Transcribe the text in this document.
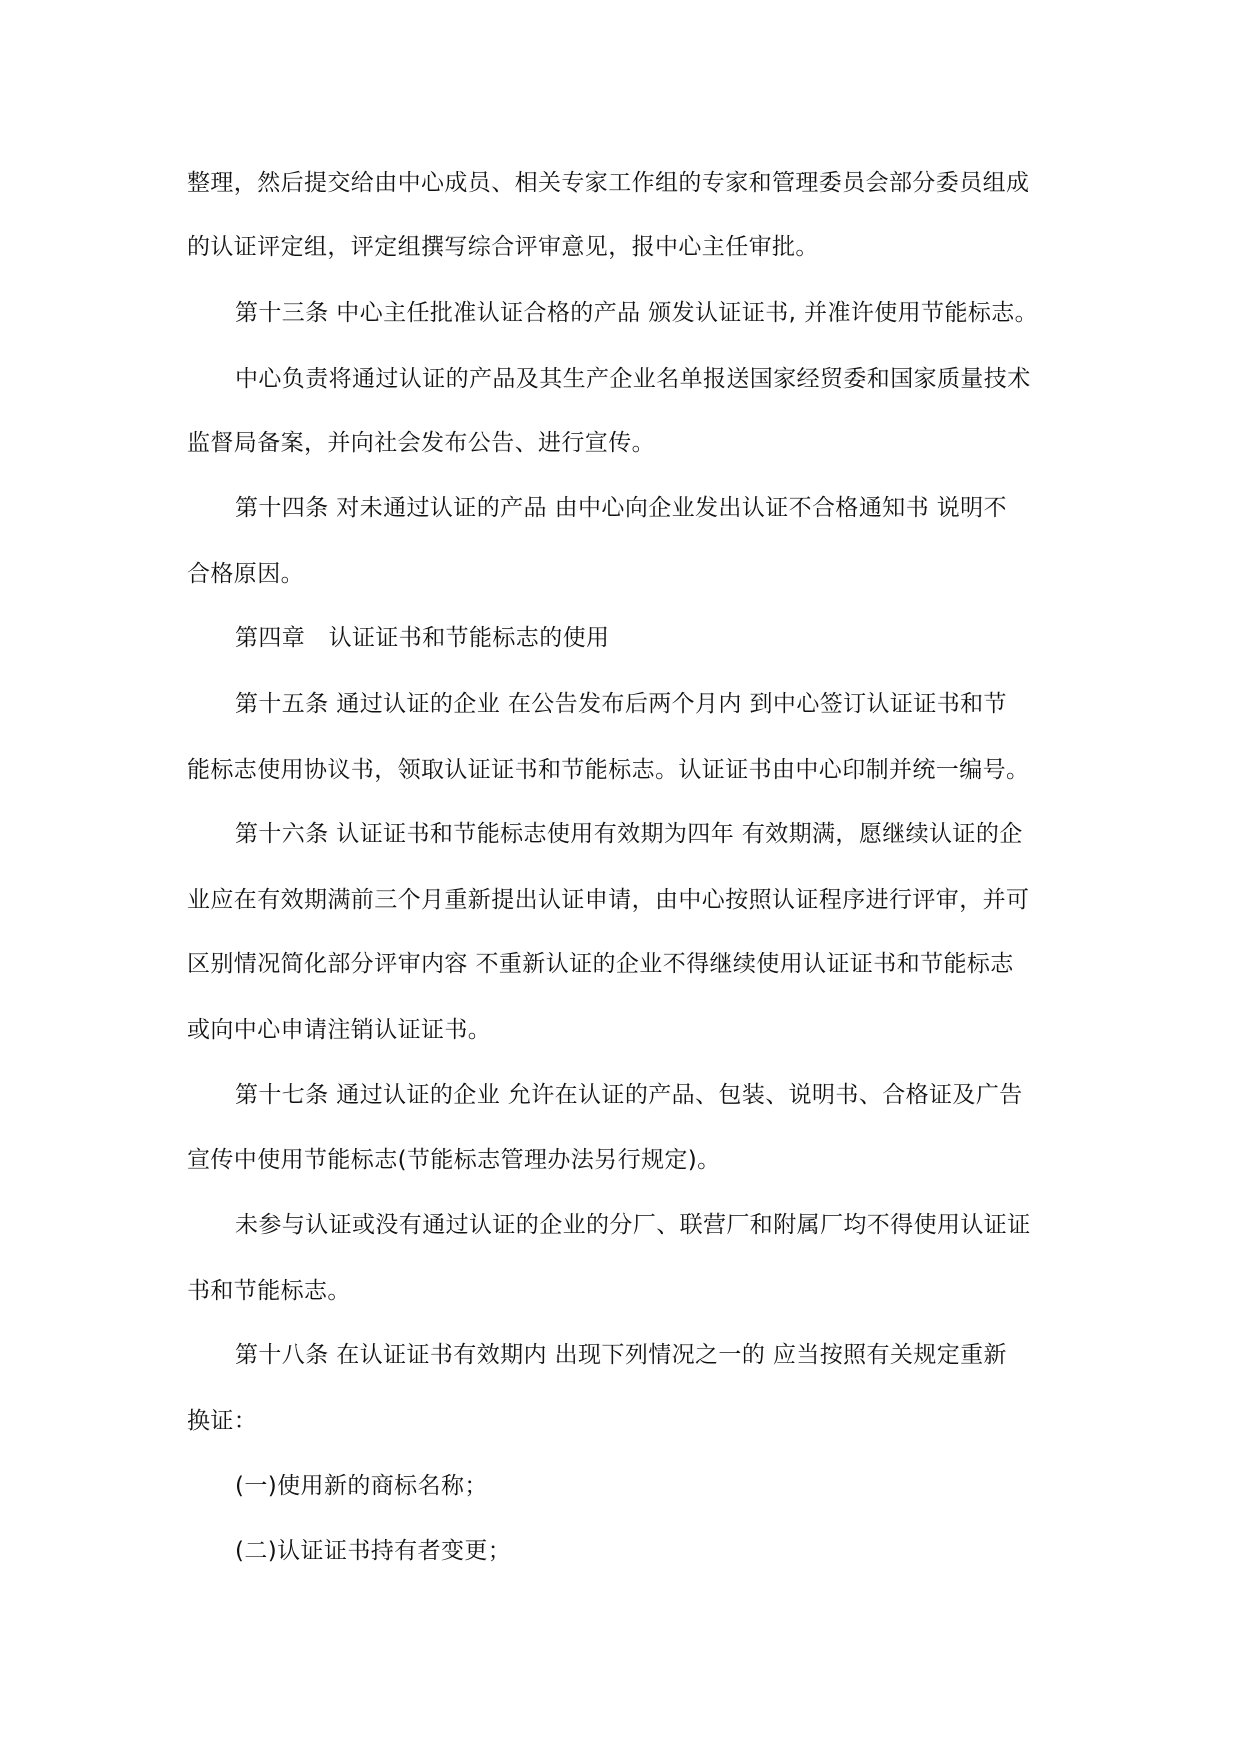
整理，然后提交给由中心成员、相关专家工作组的专家和管理委员会部分委员组成
的认证评定组，评定组撰写综合评审意见，报中心主任审批。
第十三条 中心主任批准认证合格的产品 颁发认证证书, 并准许使用节能标志。
中心负责将通过认证的产品及其生产企业名单报送国家经贸委和国家质量技术
监督局备案，并向社会发布公告、进行宣传。
第十四条 对未通过认证的产品 由中心向企业发出认证不合格通知书 说明不
合格原因。
第四章　认证证书和节能标志的使用
第十五条 通过认证的企业 在公告发布后两个月内 到中心签订认证证书和节
能标志使用协议书，领取认证证书和节能标志。认证证书由中心印制并统一编号。
第十六条 认证证书和节能标志使用有效期为四年 有效期满，愿继续认证的企
业应在有效期满前三个月重新提出认证申请，由中心按照认证程序进行评审，并可
区别情况简化部分评审内容 不重新认证的企业不得继续使用认证证书和节能标志
或向中心申请注销认证证书。
第十七条 通过认证的企业 允许在认证的产品、包装、说明书、合格证及广告
宣传中使用节能标志(节能标志管理办法另行规定)。
未参与认证或没有通过认证的企业的分厂、联营厂和附属厂均不得使用认证证
书和节能标志。
第十八条 在认证证书有效期内 出现下列情况之一的 应当按照有关规定重新
换证：
(一)使用新的商标名称；
(二)认证证书持有者变更；
